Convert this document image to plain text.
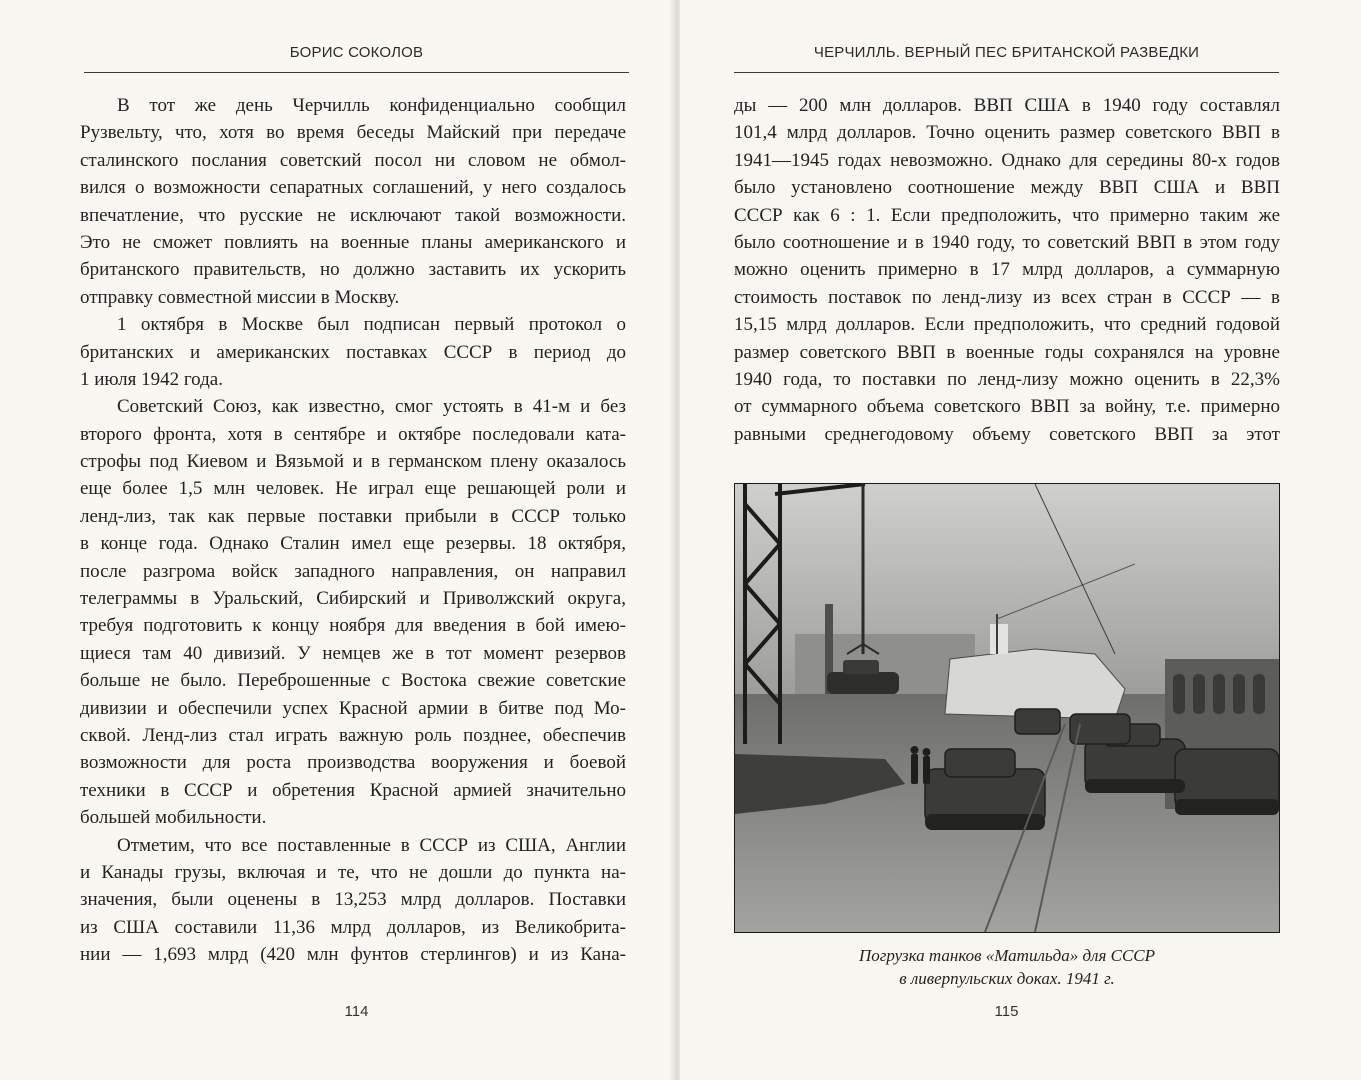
БОРИС СОКОЛОВ
В тот же день Черчилль конфиденциально сообщил
Рузвельту, что, хотя во время беседы Майский при передаче
сталинского послания советский посол ни словом не обмол-
вился о возможности сепаратных соглашений, у него создалось
впечатление, что русские не исключают такой возможности.
Это не сможет повлиять на военные планы американского и
британского правительств, но должно заставить их ускорить
отправку совместной миссии в Москву.
1 октября в Москве был подписан первый протокол о
британских и американских поставках СССР в период до
1 июля 1942 года.
Советский Союз, как известно, смог устоять в 41-м и без
второго фронта, хотя в сентябре и октябре последовали ката-
строфы под Киевом и Вязьмой и в германском плену оказалось
еще более 1,5 млн человек. Не играл еще решающей роли и
ленд-лиз, так как первые поставки прибыли в СССР только
в конце года. Однако Сталин имел еще резервы. 18 октября,
после разгрома войск западного направления, он направил
телеграммы в Уральский, Сибирский и Приволжский округа,
требуя подготовить к концу ноября для введения в бой имею-
щиеся там 40 дивизий. У немцев же в тот момент резервов
больше не было. Переброшенные с Востока свежие советские
дивизии и обеспечили успех Красной армии в битве под Мо-
сквой. Ленд-лиз стал играть важную роль позднее, обеспечив
возможности для роста производства вооружения и боевой
техники в СССР и обретения Красной армией значительно
большей мобильности.
Отметим, что все поставленные в СССР из США, Англии
и Канады грузы, включая и те, что не дошли до пункта на-
значения, были оценены в 13,253 млрд долларов. Поставки
из США составили 11,36 млрд долларов, из Великобрита-
нии — 1,693 млрд (420 млн фунтов стерлингов) и из Кана-
114
ЧЕРЧИЛЛЬ. ВЕРНЫЙ ПЕС БРИТАНСКОЙ РАЗВЕДКИ
ды — 200 млн долларов. ВВП США в 1940 году составлял
101,4 млрд долларов. Точно оценить размер советского ВВП в
1941—1945 годах невозможно. Однако для середины 80-х годов
было установлено соотношение между ВВП США и ВВП
СССР как 6 : 1. Если предположить, что примерно таким же
было соотношение и в 1940 году, то советский ВВП в этом году
можно оценить примерно в 17 млрд долларов, а суммарную
стоимость поставок по ленд-лизу из всех стран в СССР — в
15,15 млрд долларов. Если предположить, что средний годовой
размер советского ВВП в военные годы сохранялся на уровне
1940 года, то поставки по ленд-лизу можно оценить в 22,3%
от суммарного объема советского ВВП за войну, т.е. примерно
равными среднегодовому объему советского ВВП за этот
Погрузка танков «Матильда» для СССР
в ливерпульских доках. 1941 г.
115
